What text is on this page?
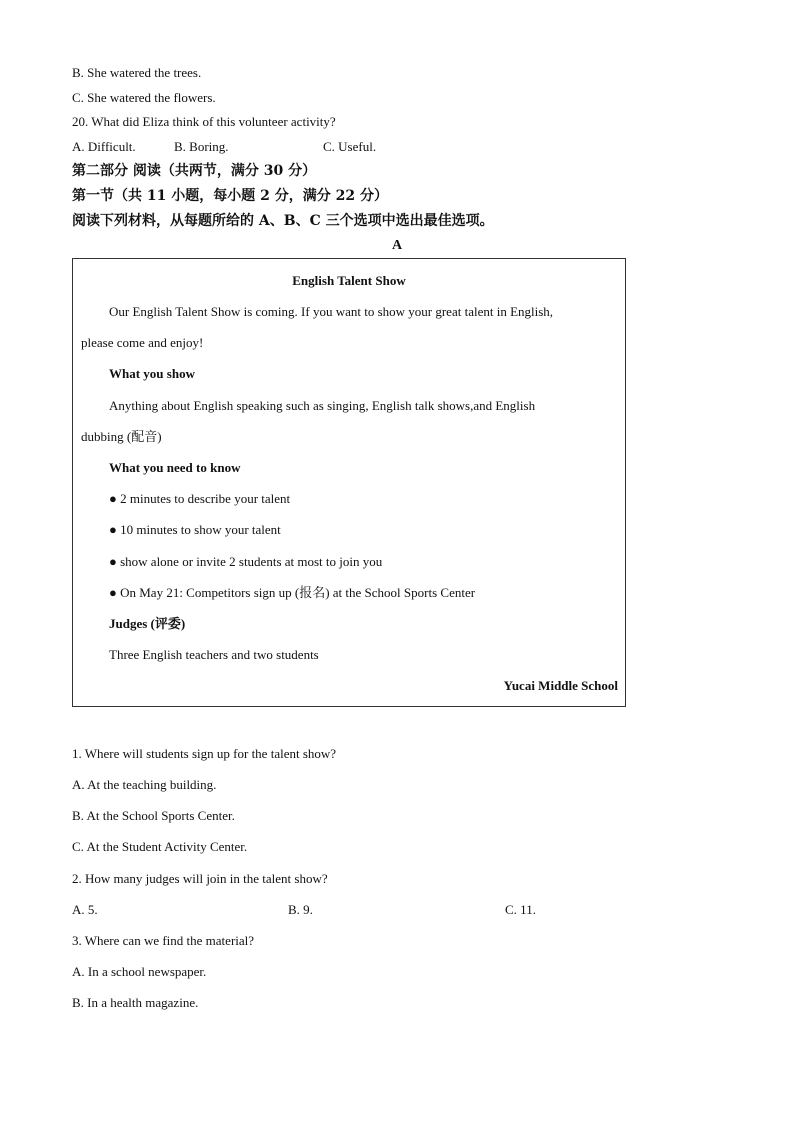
B. She watered the trees.
C. She watered the flowers.
20. What did Eliza think of this volunteer activity?
A. Difficult.	B. Boring.	C. Useful.
第二部分 阅读（共两节，满分 30 分）
第一节（共 11 小题，每小题 2 分，满分 22 分）
阅读下列材料，从每题所给的 A、B、C 三个选项中选出最佳选项。
A
English Talent Show
Our English Talent Show is coming. If you want to show your great talent in English,
please come and enjoy!
What you show
Anything about English speaking such as singing, English talk shows,and English
dubbing (配音)
What you need to know
● 2 minutes to describe your talent
● 10 minutes to show your talent
● show alone or invite 2 students at most to join you
● On May 21: Competitors sign up (报名) at the School Sports Center
Judges (评委)
Three English teachers and two students
Yucai Middle School
1. Where will students sign up for the talent show?
A. At the teaching building.
B. At the School Sports Center.
C. At the Student Activity Center.
2. How many judges will join in the talent show?
A. 5.	B. 9.	C. 11.
3. Where can we find the material?
A. In a school newspaper.
B. In a health magazine.
